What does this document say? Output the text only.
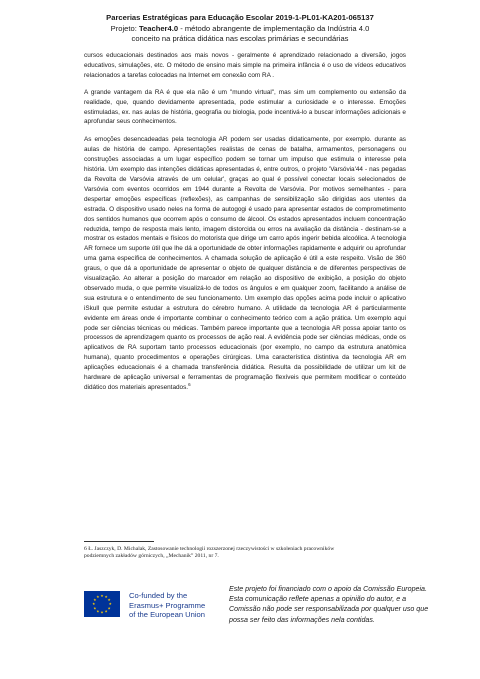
Parcerias Estratégicas para Educação Escolar 2019-1-PL01-KA201-065137
Projeto: Teacher4.0 - método abrangente de implementação da Indústria 4.0
conceito na prática didática nas escolas primárias e secundárias

cursos educacionais destinados aos mais novos - geralmente é aprendizado relacionado a diversão, jogos educativos, simulações, etc. O método de ensino mais simple na primeira infância é o uso de vídeos educativos relacionados a tarefas colocadas na Internet em conexão com RA .

A grande vantagem da RA é que ela não é um "mundo virtual", mas sim um complemento ou extensão da realidade, que, quando devidamente apresentada, pode estimular a curiosidade e o interesse. Emoções estimuladas, ex. nas aulas de história, geografia ou biologia, pode incentivá-lo a buscar informações adicionais e aprofundar seus conhecimentos.

As emoções desencadeadas pela tecnologia AR podem ser usadas didaticamente, por exemplo. durante as aulas de história de campo. Apresentações realistas de cenas de batalha, armamentos, personagens ou construções associadas a um lugar específico podem se tornar um impulso que estimula o interesse pela história. Um exemplo das intenções didáticas apresentadas é, entre outros, o projeto 'Varsóvia'44 - nas pegadas da Revolta de Varsóvia através de um celular', graças ao qual é possível conectar locais selecionados de Varsóvia com eventos ocorridos em 1944 durante a Revolta de Varsóvia. Por motivos semelhantes - para despertar emoções específicas (reflexões), as campanhas de sensibilização são dirigidas aos utentes da estrada. O dispositivo usado neles na forma de autogogi é usado para apresentar estados de comprometimento dos sentidos humanos que ocorrem após o consumo de álcool. Os estados apresentados incluem concentração reduzida, tempo de resposta mais lento, imagem distorcida ou erros na avaliação da distância - destinam-se a mostrar os estados mentais e físicos do motorista que dirige um carro após ingerir bebida alcoólica. A tecnologia AR fornece um suporte útil que lhe dá a oportunidade de obter informações rapidamente e adquirir ou aprofundar uma gama específica de conhecimentos. A chamada solução de aplicação é útil a este respeito. Visão de 360 graus, o que dá a oportunidade de apresentar o objeto de qualquer distância e de diferentes perspectivas de visualização. Ao alterar a posição do marcador em relação ao dispositivo de exibição, a posição do objeto observado muda, o que permite visualizá-lo de todos os ângulos e em qualquer zoom, facilitando a análise de sua estrutura e o entendimento de seu funcionamento. Um exemplo das opções acima pode incluir o aplicativo iSkull que permite estudar a estrutura do cérebro humano. A utilidade da tecnologia AR é particularmente evidente em áreas onde é importante combinar o conhecimento teórico com a ação prática. Um exemplo aqui pode ser ciências técnicas ou médicas. Também parece importante que a tecnologia AR possa apoiar tanto os processos de aprendizagem quanto os processos de ação real. A evidência pode ser ciências médicas, onde os aplicativos de RA suportam tanto processos educacionais (por exemplo, no campo da estrutura anatômica humana), quanto procedimentos e operações cirúrgicas. Uma característica distintiva da tecnologia AR em aplicações educacionais é a chamada transferência didática. Resulta da possibilidade de utilizar um kit de hardware de aplicação universal e ferramentas de programação flexíveis que permitem modificar o conteúdo didático dos materiais apresentados.$^6$

6 Ł. Jaszczyk, D. Michalak, Zastosowanie technologii rozszerzonej rzeczywistości w szkoleniach pracowników
podziemnych zakładów górniczych, „Mechanik” 2011, nr 7.
★
★
★
★
★
★
★
★
★ ★ ★
★
Co-funded by the
Erasmus+ Programme
of the European Union
Este projeto foi financiado com o apoio da Comissão Europeia.
Esta comunicação reflete apenas a opinião do autor, e a
Comissão não pode ser responsabilizada por qualquer uso que
possa ser feito das informações nela contidas.
